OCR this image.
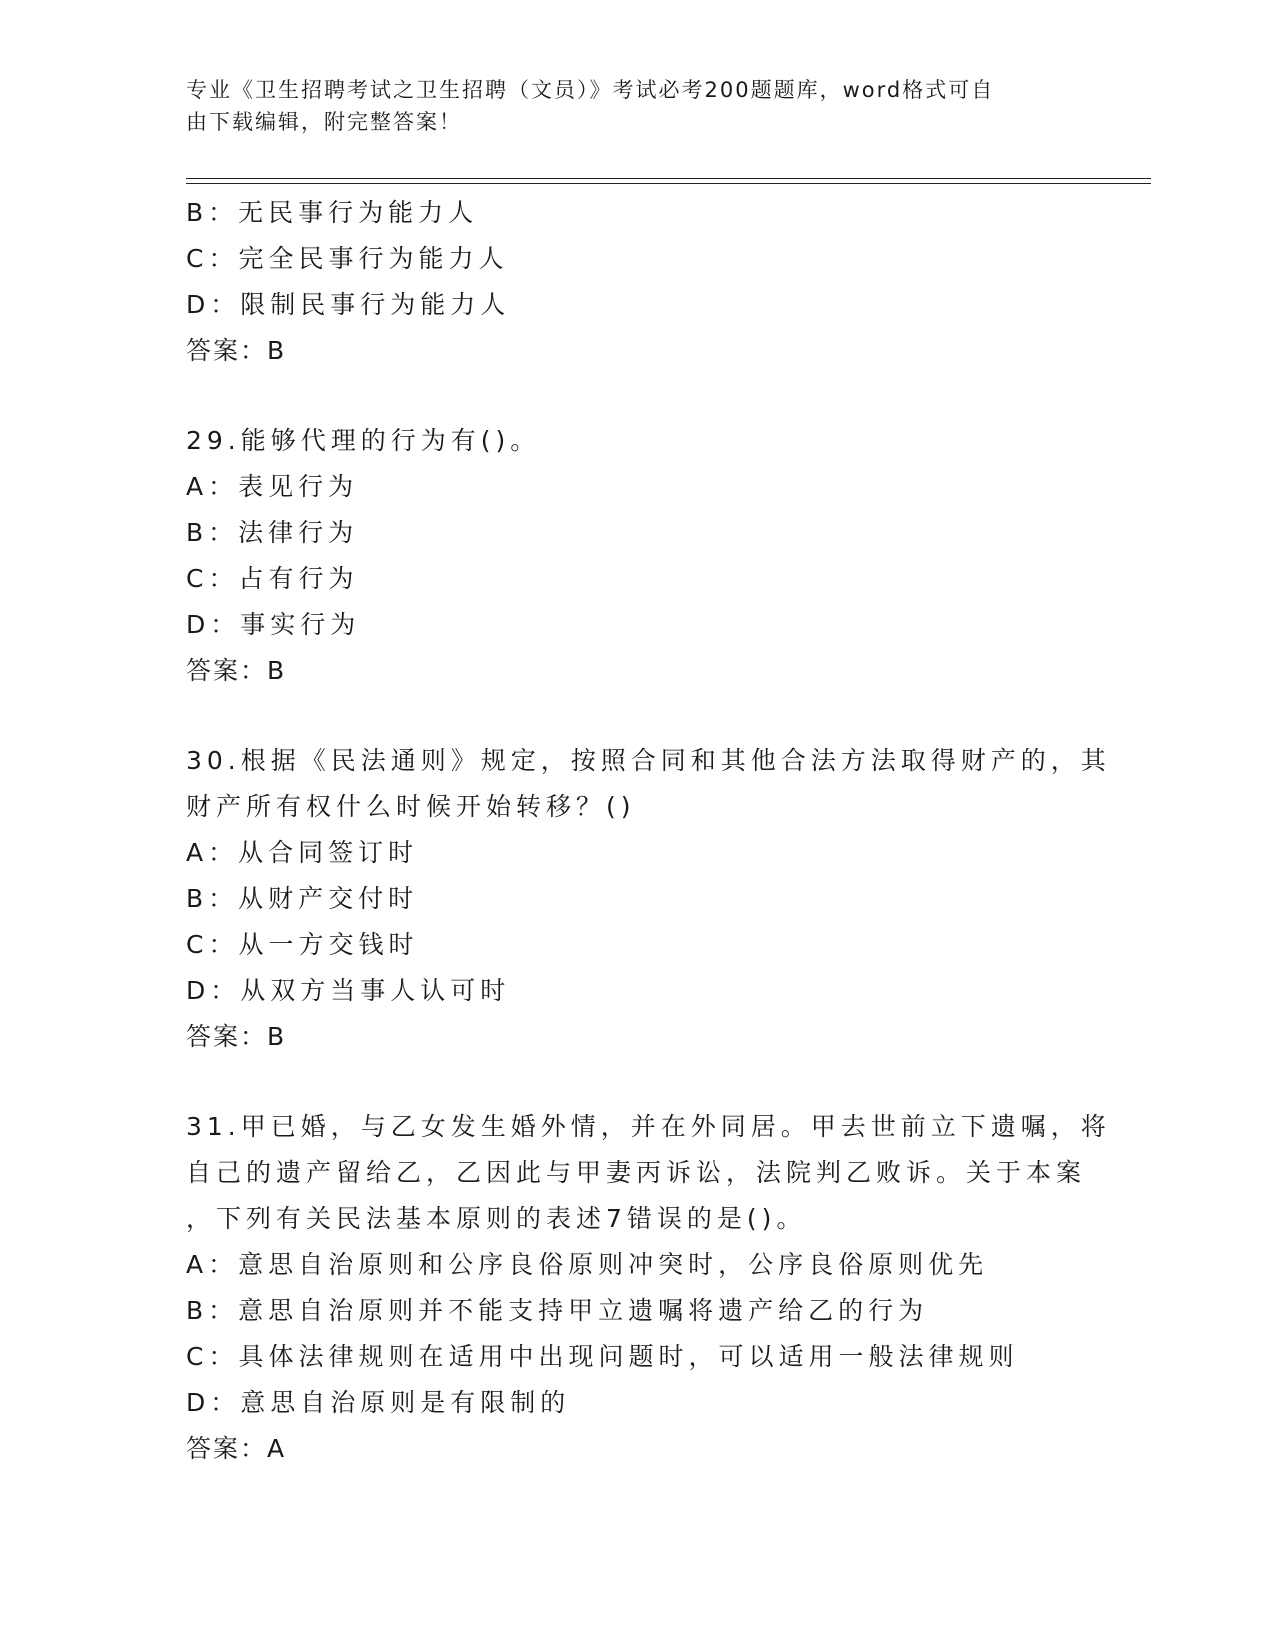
专业《卫生招聘考试之卫生招聘（文员）》考试必考200题题库，word格式可自
由下载编辑，附完整答案！
B：无民事行为能力人
C：完全民事行为能力人
D：限制民事行为能力人
答案：B
29.能够代理的行为有()。
A：表见行为
B：法律行为
C：占有行为
D：事实行为
答案：B
30.根据《民法通则》规定，按照合同和其他合法方法取得财产的，其
财产所有权什么时候开始转移？()
A：从合同签订时
B：从财产交付时
C：从一方交钱时
D：从双方当事人认可时
答案：B
31.甲已婚，与乙女发生婚外情，并在外同居。甲去世前立下遗嘱，将
自己的遗产留给乙，乙因此与甲妻丙诉讼，法院判乙败诉。关于本案
，下列有关民法基本原则的表述7错误的是()。
A：意思自治原则和公序良俗原则冲突时，公序良俗原则优先
B：意思自治原则并不能支持甲立遗嘱将遗产给乙的行为
C：具体法律规则在适用中出现问题时，可以适用一般法律规则
D：意思自治原则是有限制的
答案：A
